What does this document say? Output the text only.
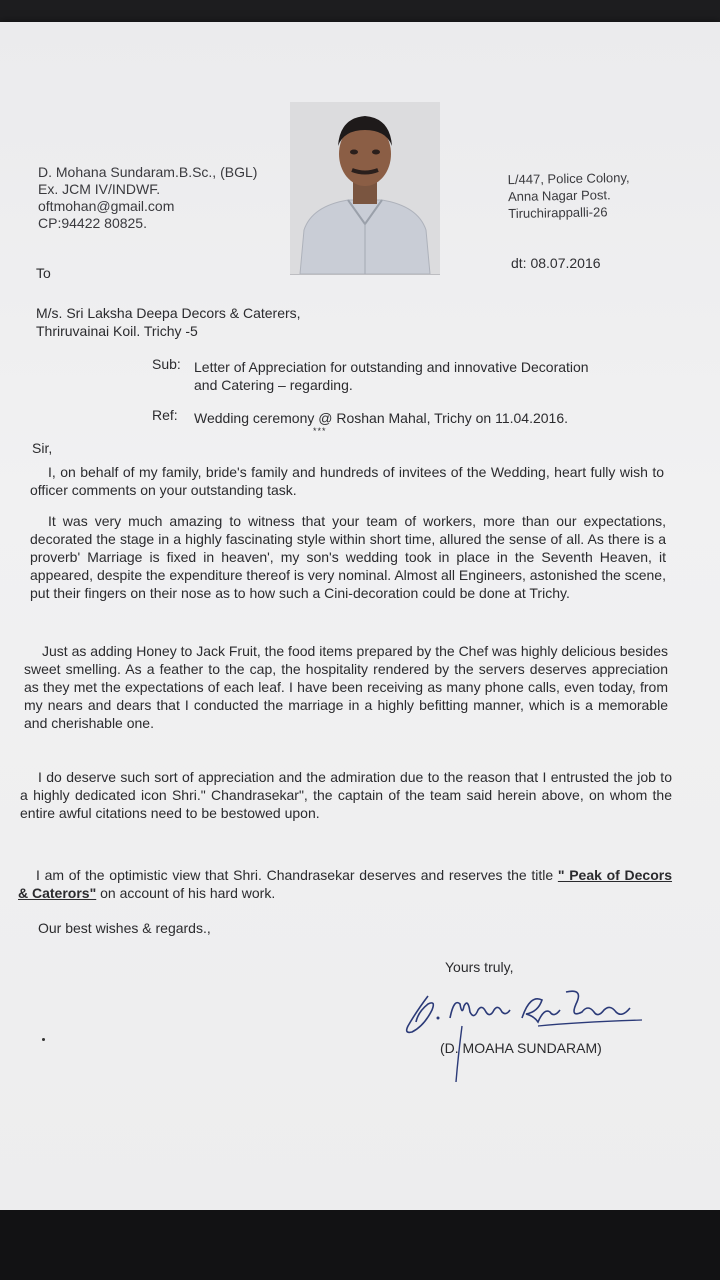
D. Mohana Sundaram.B.Sc., (BGL)
Ex. JCM IV/INDWF.
oftmohan@gmail.com
CP:94422 80825.
L/447, Police Colony,
Anna Nagar Post.
Tiruchirappalli-26
dt: 08.07.2016
To
M/s. Sri Laksha Deepa Decors & Caterers,
Thriruvainai Koil. Trichy -5
Sub: Letter of Appreciation for outstanding and innovative Decoration and Catering – regarding.
Ref: Wedding ceremony @ Roshan Mahal, Trichy on 11.04.2016.
***
Sir,

I, on behalf of my family, bride's family and hundreds of invitees of the Wedding, heart fully wish to officer comments on your outstanding task.

It was very much amazing to witness that your team of workers, more than our expectations, decorated the stage in a highly fascinating style within short time, allured the sense of all. As there is a proverb' Marriage is fixed in heaven', my son's wedding took in place in the Seventh Heaven, it appeared, despite the expenditure thereof is very nominal. Almost all Engineers, astonished the scene, put their fingers on their nose as to how such a Cini-decoration could be done at Trichy.

Just as adding Honey to Jack Fruit, the food items prepared by the Chef was highly delicious besides sweet smelling. As a feather to the cap, the hospitality rendered by the servers deserves appreciation as they met the expectations of each leaf. I have been receiving as many phone calls, even today, from my nears and dears that I conducted the marriage in a highly befitting manner, which is a memorable and cherishable one.

I do deserve such sort of appreciation and the admiration due to the reason that I entrusted the job to a highly dedicated icon Shri." Chandrasekar", the captain of the team said herein above, on whom the entire awful citations need to be bestowed upon.

I am of the optimistic view that Shri. Chandrasekar deserves and reserves the title " Peak of Decors & Caterors" on account of his hard work.

Our best wishes & regards.,
Yours truly,
(D. MOAHA SUNDARAM)
